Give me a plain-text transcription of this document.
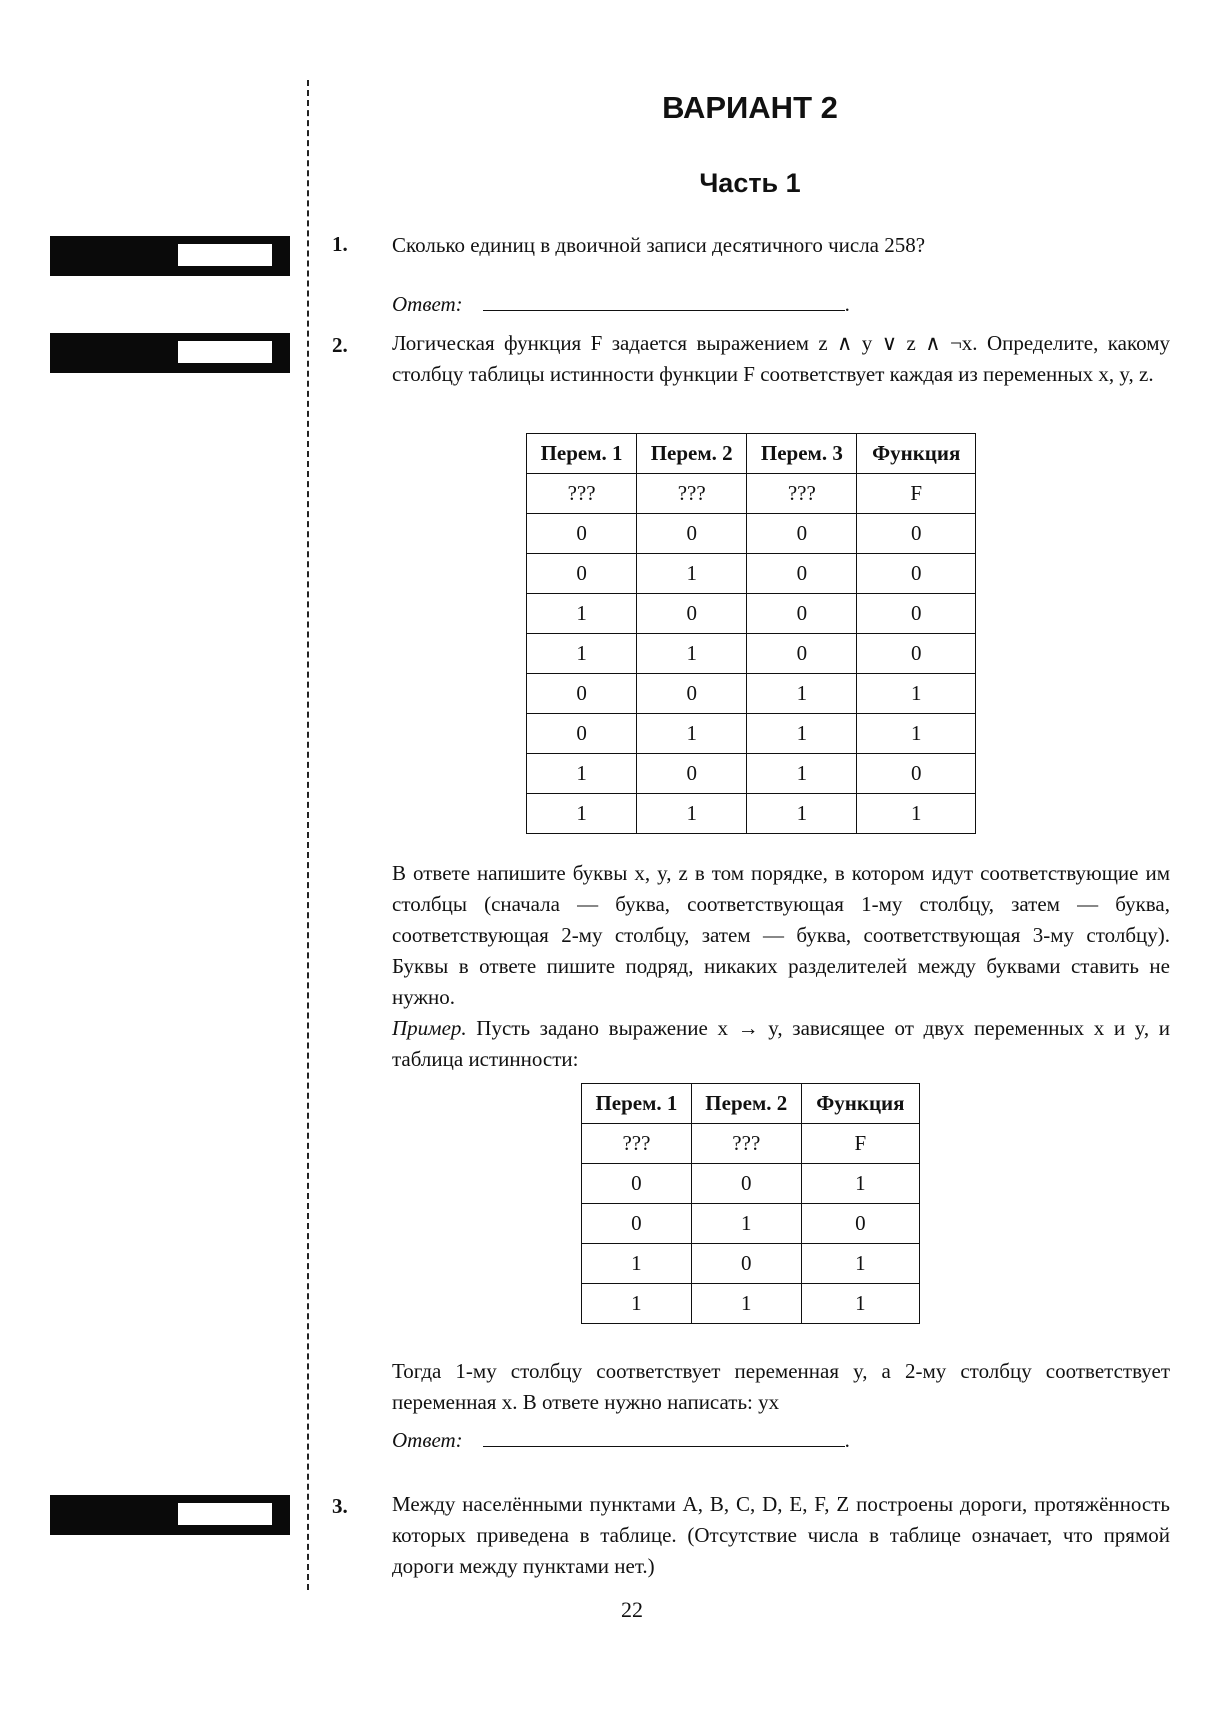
ВАРИАНТ 2
Часть 1
1. Сколько единиц в двоичной записи десятичного числа 258?
Ответ:	.
2. Логическая функция F задается выражением z ∧ y ∨ z ∧ ¬x. Определите, какому столбцу таблицы истинности функции F соответствует каждая из переменных x, y, z.
Перем. 1	Перем. 2	Перем. 3	Функция
???	???	???	F
0	0	0	0
0	1	0	0
1	0	0	0
1	1	0	0
0	0	1	1
0	1	1	1
1	0	1	0
1	1	1	1
В ответе напишите буквы x, y, z в том порядке, в котором идут соответствующие им столбцы (сначала — буква, соответствующая 1-му столбцу, затем — буква, соответствующая 2-му столбцу, затем — буква, соответствующая 3-му столбцу). Буквы в ответе пишите подряд, никаких разделителей между буквами ставить не нужно.
Пример. Пусть задано выражение x → y, зависящее от двух переменных x и y, и таблица истинности:
Перем. 1	Перем. 2	Функция
???	???	F
0	0	1
0	1	0
1	0	1
1	1	1
Тогда 1-му столбцу соответствует переменная y, а 2-му столбцу соответствует переменная x. В ответе нужно написать: yx
Ответ:	.
3. Между населёнными пунктами A, B, C, D, E, F, Z построены дороги, протяжённость которых приведена в таблице. (Отсутствие числа в таблице означает, что прямой дороги между пунктами нет.)
22
